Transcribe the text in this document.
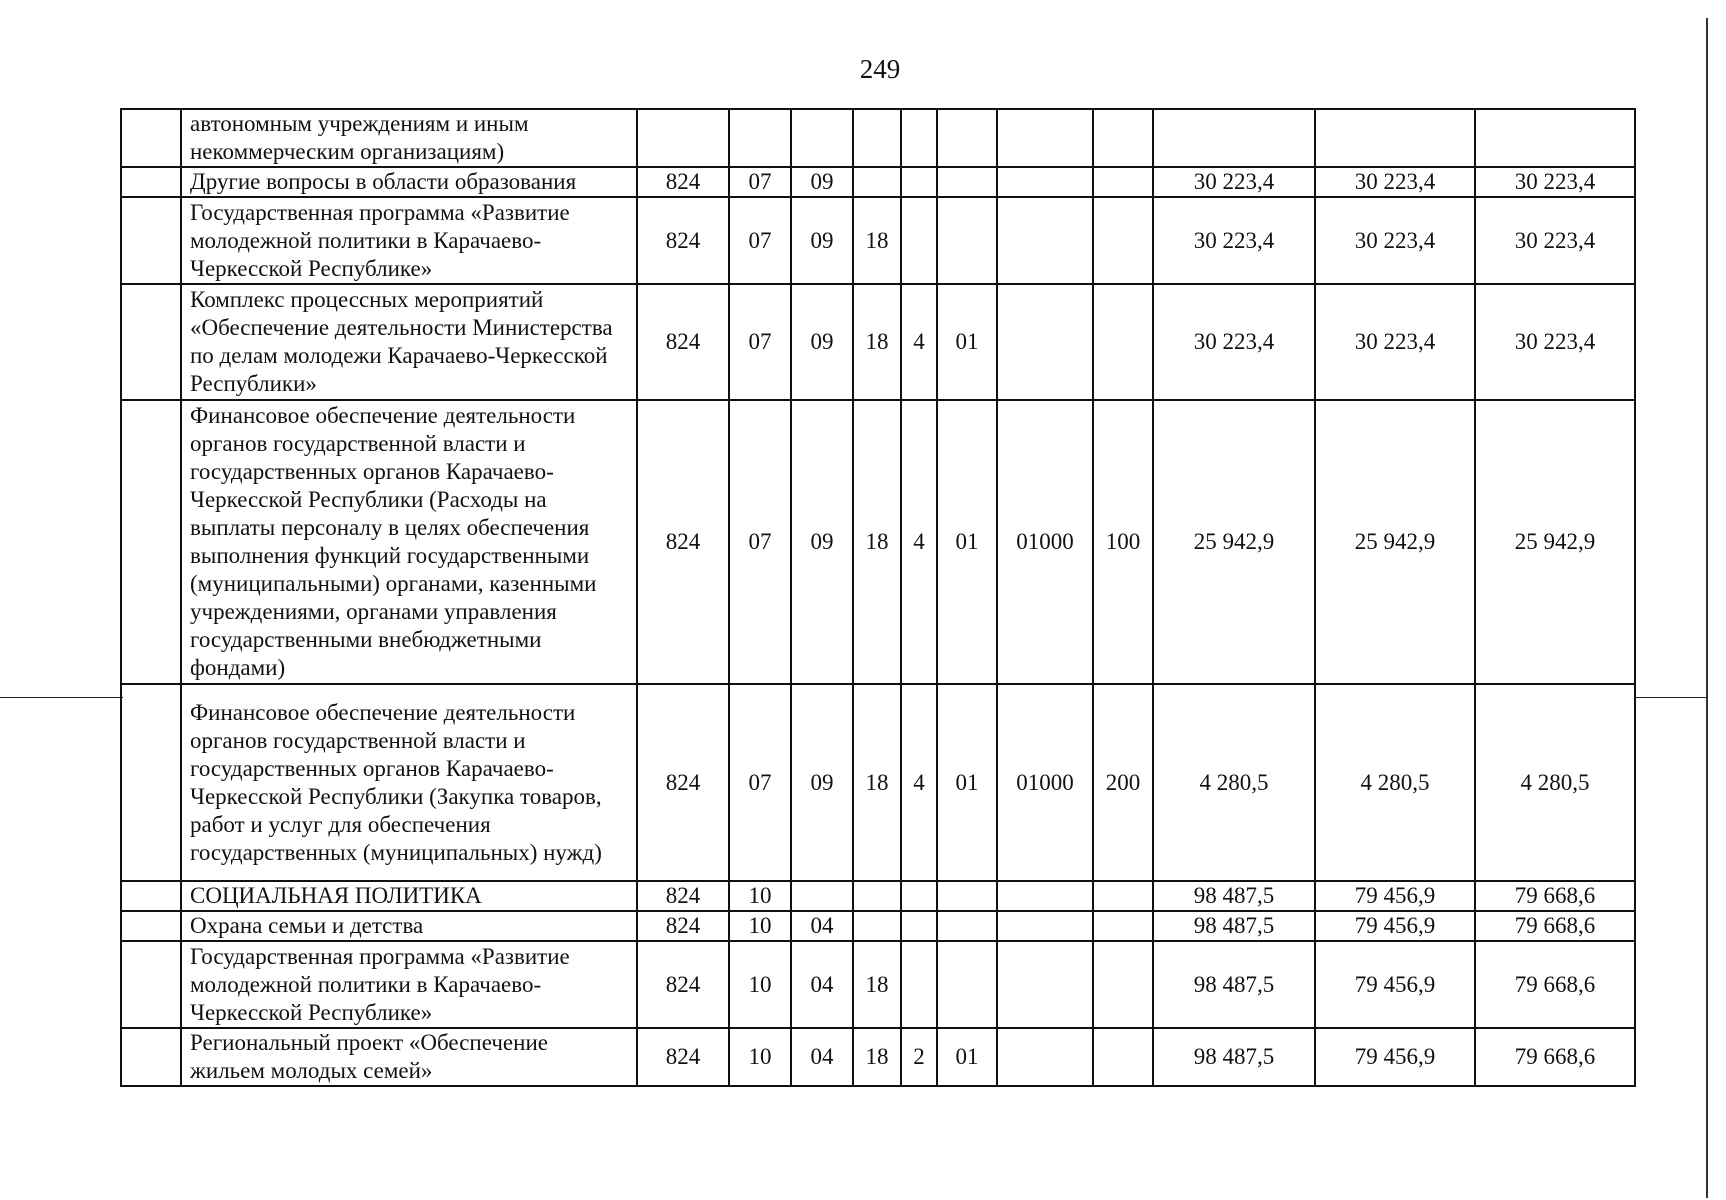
249
	автономным учреждениям и иным некоммерческим организациям)											
	Другие вопросы в области образования	824	07	09						30 223,4	30 223,4	30 223,4
	Государственная программа «Развитие молодежной политики в Карачаево-Черкесской Республике»	824	07	09	18					30 223,4	30 223,4	30 223,4
	Комплекс процессных мероприятий «Обеспечение деятельности Министерства по делам молодежи Карачаево-Черкесской Республики»	824	07	09	18	4	01			30 223,4	30 223,4	30 223,4
	Финансовое обеспечение деятельности органов государственной власти и государственных органов Карачаево-Черкесской Республики (Расходы на выплаты персоналу в целях обеспечения выполнения функций государственными (муниципальными) органами, казенными учреждениями, органами управления государственными внебюджетными фондами)	824	07	09	18	4	01	01000	100	25 942,9	25 942,9	25 942,9
	Финансовое обеспечение деятельности органов государственной власти и государственных органов Карачаево-Черкесской Республики (Закупка товаров, работ и услуг для обеспечения государственных (муниципальных) нужд)	824	07	09	18	4	01	01000	200	4 280,5	4 280,5	4 280,5
	СОЦИАЛЬНАЯ ПОЛИТИКА	824	10							98 487,5	79 456,9	79 668,6
	Охрана семьи и детства	824	10	04						98 487,5	79 456,9	79 668,6
	Государственная программа «Развитие молодежной политики в Карачаево-Черкесской Республике»	824	10	04	18					98 487,5	79 456,9	79 668,6
	Региональный проект «Обеспечение жильем молодых семей»	824	10	04	18	2	01			98 487,5	79 456,9	79 668,6
